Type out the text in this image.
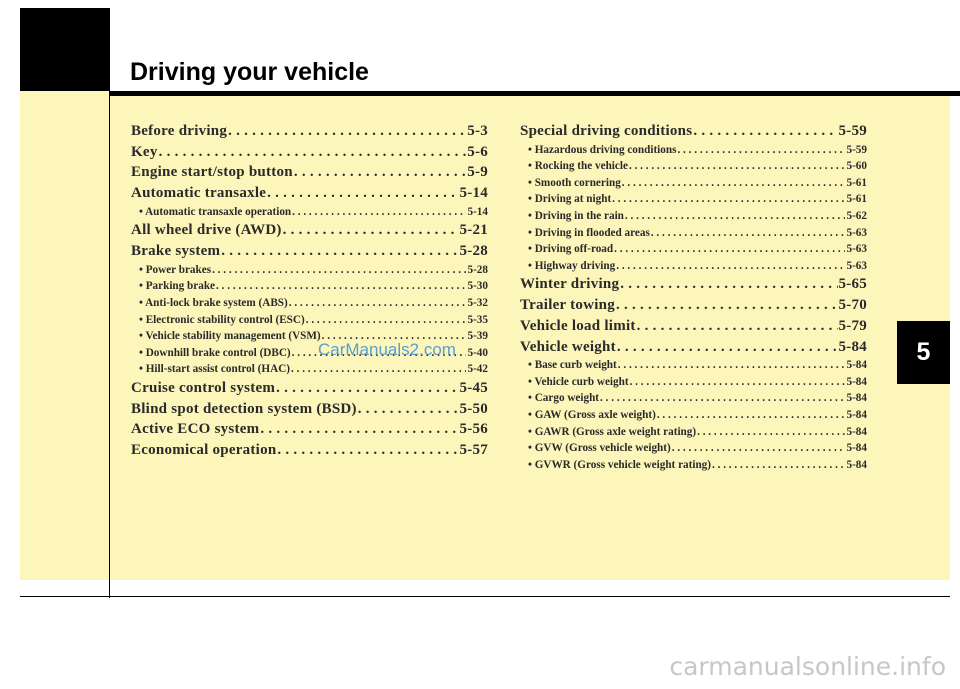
Driving your vehicle
Before driving . . .	5-3
Key . . .	5-6
Engine start/stop button . . .	5-9
Automatic transaxle . . .	5-14
• Automatic transaxle operation . . .	5-14
All wheel drive (AWD) . . .	5-21
Brake system . . .	5-28
• Power brakes . . .	5-28
• Parking brake . . .	5-30
• Anti-lock brake system (ABS) . . .	5-32
• Electronic stability control (ESC) . . .	5-35
• Vehicle stability management (VSM) . . .	5-39
• Downhill brake control (DBC) . . .	5-40
• Hill-start assist control (HAC) . . .	5-42
Cruise control system . . .	5-45
Blind spot detection system (BSD) . . .	5-50
Active ECO system . . .	5-56
Economical operation . . .	5-57
Special driving conditions . . .	5-59
• Hazardous driving conditions . . .	5-59
• Rocking the vehicle . . .	5-60
• Smooth cornering . . .	5-61
• Driving at night . . .	5-61
• Driving in the rain . . .	5-62
• Driving in flooded areas . . .	5-63
• Driving off-road . . .	5-63
• Highway driving . . .	5-63
Winter driving . . .	5-65
Trailer towing . . .	5-70
Vehicle load limit . . .	5-79
Vehicle weight . . .	5-84
• Base curb weight . . .	5-84
• Vehicle curb weight . . .	5-84
• Cargo weight . . .	5-84
• GAW (Gross axle weight) . . .	5-84
• GAWR (Gross axle weight rating) . . .	5-84
• GVW (Gross vehicle weight) . . .	5-84
• GVWR (Gross vehicle weight rating) . . .	5-84
CarManuals2.com	5
carmanualsonline.info
